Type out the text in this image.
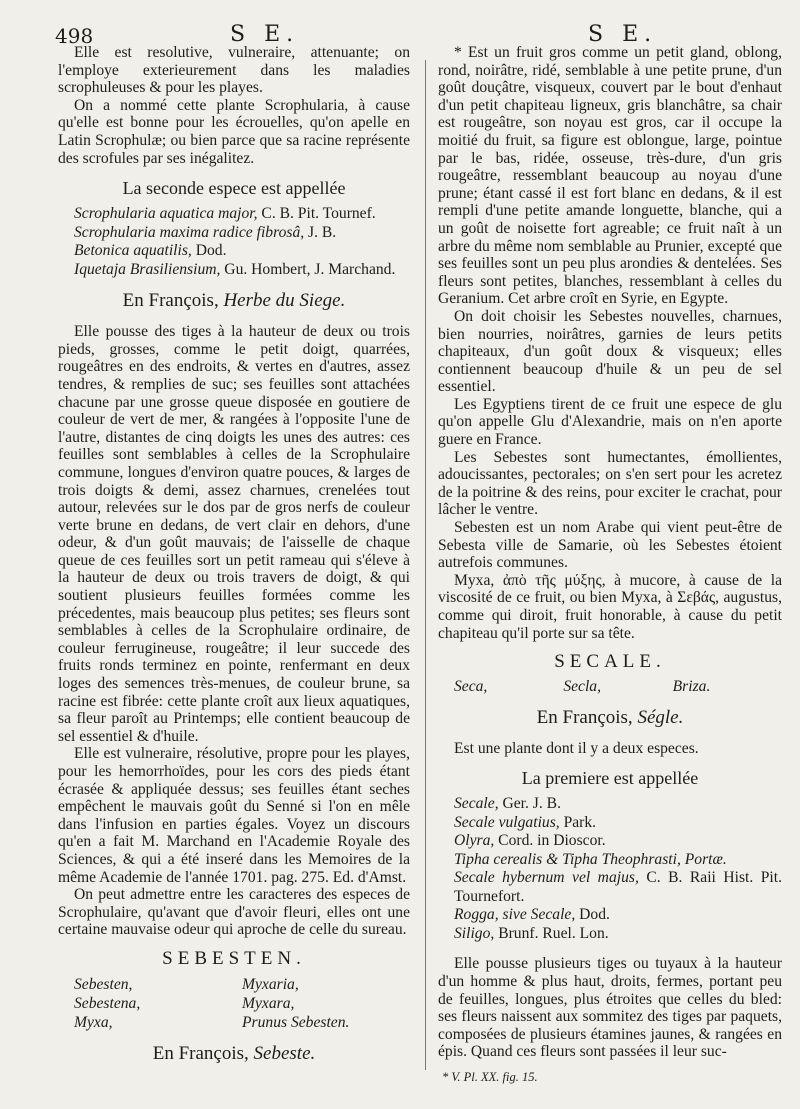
498	S E.	S E.

Elle est resolutive, vulneraire, attenuante; on l'employe exterieurement dans les maladies scrophuleuses & pour les playes.

On a nommé cette plante Scrophularia, à cause qu'elle est bonne pour les écrouelles, qu'on apelle en Latin Scrophulæ; ou bien parce que sa racine représente des scrofules par ses inégalitez.

La seconde espece est appellée

Scrophularia aquatica major, C. B. Pit. Tournef.

Scrophularia maxima radice fibrosâ, J. B.

Betonica aquatilis, Dod.

Iquetaja Brasiliensium, Gu. Hombert, J. Marchand.

En François, Herbe du Siege.

Elle pousse des tiges à la hauteur de deux ou trois pieds, grosses, comme le petit doigt, quarrées, rougeâtres en des endroits, & vertes en d'autres, assez tendres, & remplies de suc; ses feuilles sont attachées chacune par une grosse queue disposée en goutiere de couleur de vert de mer, & rangées à l'opposite l'une de l'autre, distantes de cinq doigts les unes des autres: ces feuilles sont semblables à celles de la Scrophulaire commune, longues d'environ quatre pouces, & larges de trois doigts & demi, assez charnues, crenelées tout autour, relevées sur le dos par de gros nerfs de couleur verte brune en dedans, de vert clair en dehors, d'une odeur, & d'un goût mauvais; de l'aisselle de chaque queue de ces feuilles sort un petit rameau qui s'éleve à la hauteur de deux ou trois travers de doigt, & qui soutient plusieurs feuilles formées comme les précedentes, mais beaucoup plus petites; ses fleurs sont semblables à celles de la Scrophulaire ordinaire, de couleur ferrugineuse, rougeâtre; il leur succede des fruits ronds terminez en pointe, renfermant en deux loges des semences très-menues, de couleur brune, sa racine est fibrée: cette plante croît aux lieux aquatiques, sa fleur paroît au Printemps; elle contient beaucoup de sel essentiel & d'huile.

Elle est vulneraire, résolutive, propre pour les playes, pour les hemorrhoïdes, pour les cors des pieds étant écrasée & appliquée dessus; ses feuilles étant seches empêchent le mauvais goût du Senné si l'on en mêle dans l'infusion en parties égales. Voyez un discours qu'en a fait M. Marchand en l'Academie Royale des Sciences, & qui a été inseré dans les Memoires de la même Academie de l'année 1701. pag. 275. Ed. d'Amst.

On peut admettre entre les caracteres des especes de Scrophulaire, qu'avant que d'avoir fleuri, elles ont une certaine mauvaise odeur qui aproche de celle du sureau.

SEBESTEN.

Sebesten,	Myxaria,
Sebestena,	Myxara,
Myxa,	Prunus Sebesten.

En François, Sebeste.

* Est un fruit gros comme un petit gland, oblong, rond, noirâtre, ridé, semblable à une petite prune, d'un goût douçâtre, visqueux, couvert par le bout d'enhaut d'un petit chapiteau ligneux, gris blanchâtre, sa chair est rougeâtre, son noyau est gros, car il occupe la moitié du fruit, sa figure est oblongue, large, pointue par le bas, ridée, osseuse, très-dure, d'un gris rougeâtre, ressemblant beaucoup au noyau d'une prune; étant cassé il est fort blanc en dedans, & il est rempli d'une petite amande longuette, blanche, qui a un goût de noisette fort agreable; ce fruit naît à un arbre du même nom semblable au Prunier, excepté que ses feuilles sont un peu plus arondies & dentelées. Ses fleurs sont petites, blanches, ressemblant à celles du Geranium. Cet arbre croît en Syrie, en Egypte.

On doit choisir les Sebestes nouvelles, charnues, bien nourries, noirâtres, garnies de leurs petits chapiteaux, d'un goût doux & visqueux; elles contiennent beaucoup d'huile & un peu de sel essentiel.

Les Egyptiens tirent de ce fruit une espece de glu qu'on appelle Glu d'Alexandrie, mais on n'en aporte guere en France.

Les Sebestes sont humectantes, émollientes, adoucissantes, pectorales; on s'en sert pour les acretez de la poitrine & des reins, pour exciter le crachat, pour lâcher le ventre.

Sebesten est un nom Arabe qui vient peut-être de Sebesta ville de Samarie, où les Sebestes étoient autrefois communes.

Myxa, ἀπὸ τῆς μύξης, à mucore, à cause de la viscosité de ce fruit, ou bien Myxa, à Σεβάς, augustus, comme qui diroit, fruit honorable, à cause du petit chapiteau qu'il porte sur sa tête.

SECALE.

Seca,	Secla,	Briza.

En François, Ségle.

Est une plante dont il y a deux especes.

La premiere est appellée

Secale, Ger. J. B.

Secale vulgatius, Park.

Olyra, Cord. in Dioscor.

Tipha cerealis & Tipha Theophrasti, Portæ.

Secale hybernum vel majus, C. B. Raii Hist. Pit. Tournefort.

Rogga, sive Secale, Dod.

Siligo, Brunf. Ruel. Lon.

Elle pousse plusieurs tiges ou tuyaux à la hauteur d'un homme & plus haut, droits, fermes, portant peu de feuilles, longues, plus étroites que celles du bled: ses fleurs naissent aux sommitez des tiges par paquets, composées de plusieurs étamines jaunes, & rangées en épis. Quand ces fleurs sont passées il leur suc-

* V. Pl. XX. fig. 15.
